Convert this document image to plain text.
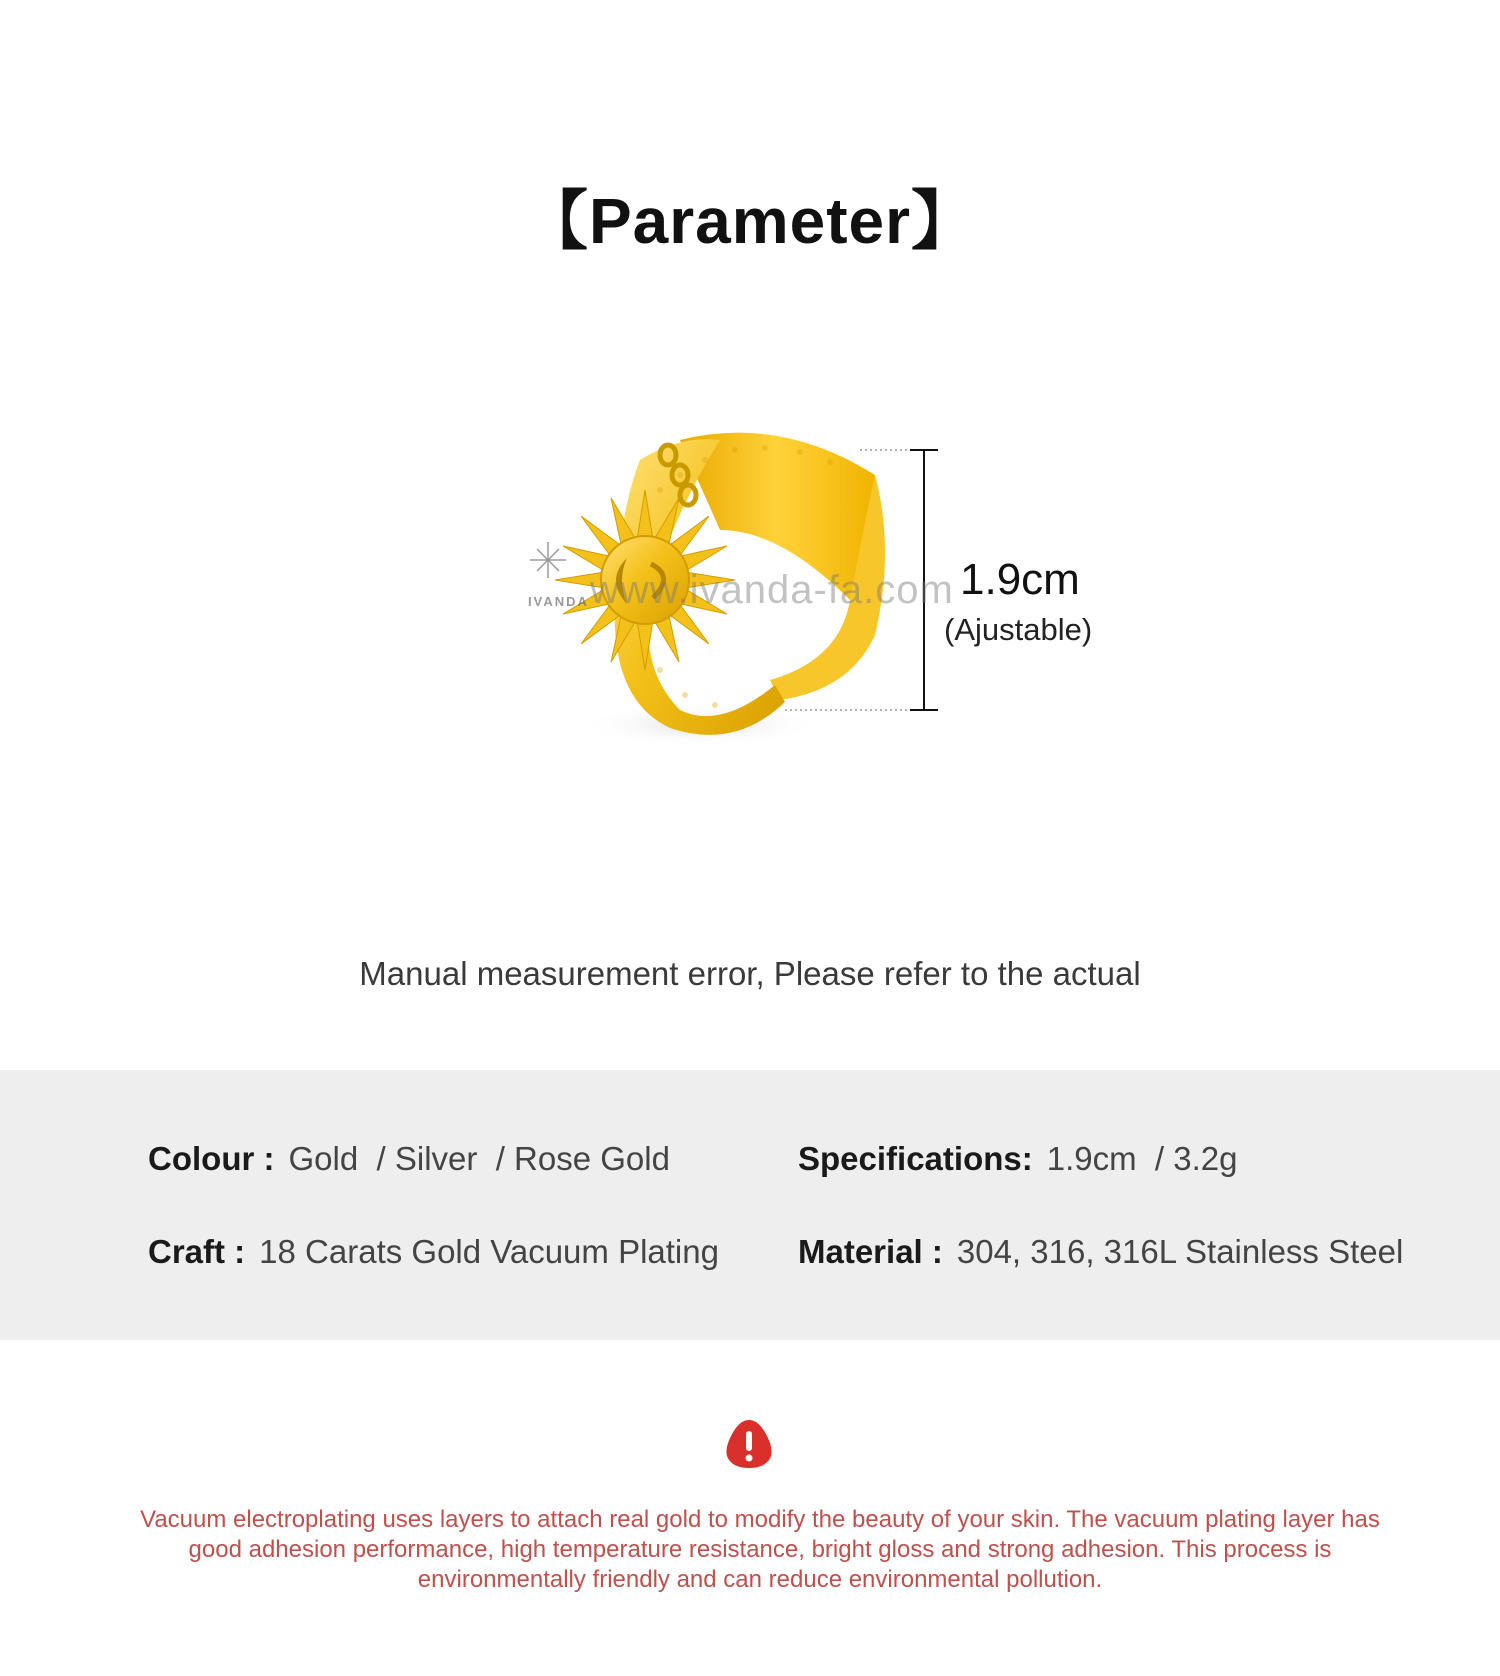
【Parameter】
www.ivanda-fa.com
IVANDA	1.9cm
(Ajustable)
Manual measurement error, Please refer to the actual
Colour : Gold  / Silver  / Rose Gold	Specifications: 1.9cm  / 3.2g
Craft : 18 Carats Gold Vacuum Plating Material : 304, 316, 316L Stainless Steel
Vacuum electroplating uses layers to attach real gold to modify the beauty of your skin. The vacuum plating layer has good adhesion performance, high temperature resistance, bright gloss and strong adhesion. This process is environmentally friendly and can reduce environmental pollution.
